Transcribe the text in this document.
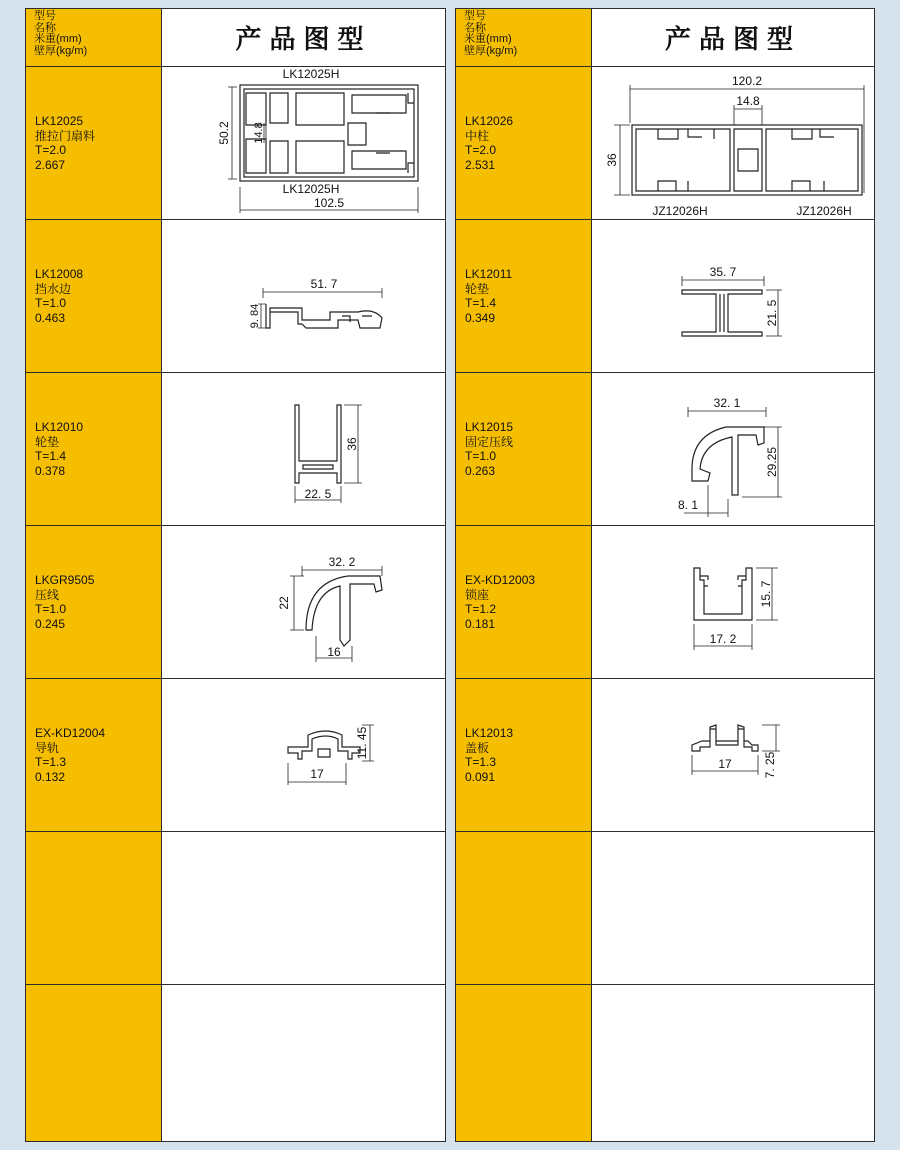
型号
名称
米重(mm)
壁厚(kg/m)	产品图型
LK12025
推拉门扇料
T=2.0
2.667
LK12025H
50.2 14.8
LK12025H
102.5
LK12008
挡水边
T=1.0
0.463
51. 7
9. 84
LK12010
轮垫
T=1.4
0.378
36
22. 5
LKGR9505
压线
T=1.0
0.245
32. 2
22
16
EX-KD12004
导轨
T=1.3
0.132
11. 45
17
型号
名称
米重(mm)
壁厚(kg/m)	产品图型
LK12026
中柱
T=2.0
2.531
120.2
14.8
36
JZ12026H	JZ12026H
LK12011
轮垫
T=1.4
0.349
35. 7
21. 5
LK12015
固定压线
T=1.0
0.263
32. 1
29.25
8. 1
EX-KD12003
锁座
T=1.2
0.181
15. 7
17. 2
LK12013
盖板
T=1.3
0.091
17	7. 25
